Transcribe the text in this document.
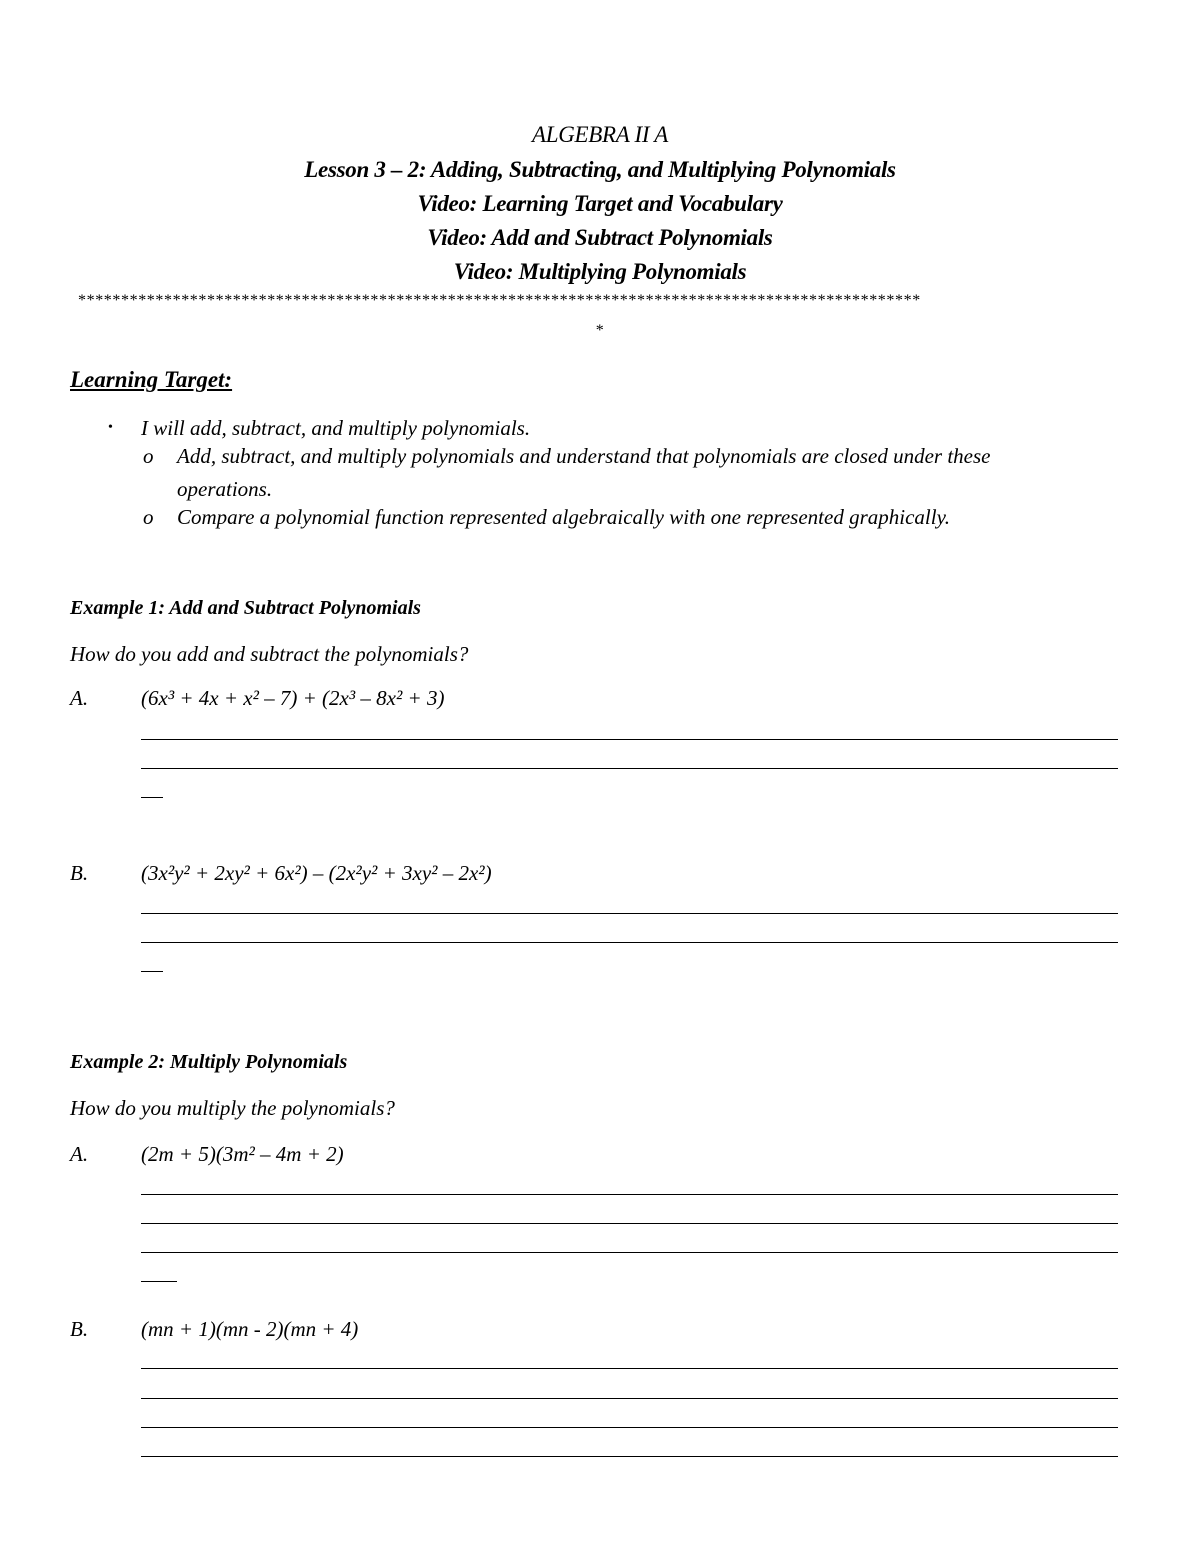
ALGEBRA II A
Lesson 3 – 2: Adding, Subtracting, and Multiplying Polynomials
Video: Learning Target and Vocabulary
Video: Add and Subtract Polynomials
Video: Multiplying Polynomials
**************************************************************************************************
*
Learning Target:
• I will add, subtract, and multiply polynomials.
o Add, subtract, and multiply polynomials and understand that polynomials are closed under these
operations.
o Compare a polynomial function represented algebraically with one represented graphically.
Example 1: Add and Subtract Polynomials
How do you add and subtract the polynomials?
A.	(6x³ + 4x + x² – 7) + (2x³ – 8x² + 3)
B.	(3x²y² + 2xy² + 6x²) – (2x²y² + 3xy² – 2x²)
Example 2: Multiply Polynomials
How do you multiply the polynomials?
A.	(2m + 5)(3m² – 4m + 2)
B.	(mn + 1)(mn - 2)(mn + 4)
